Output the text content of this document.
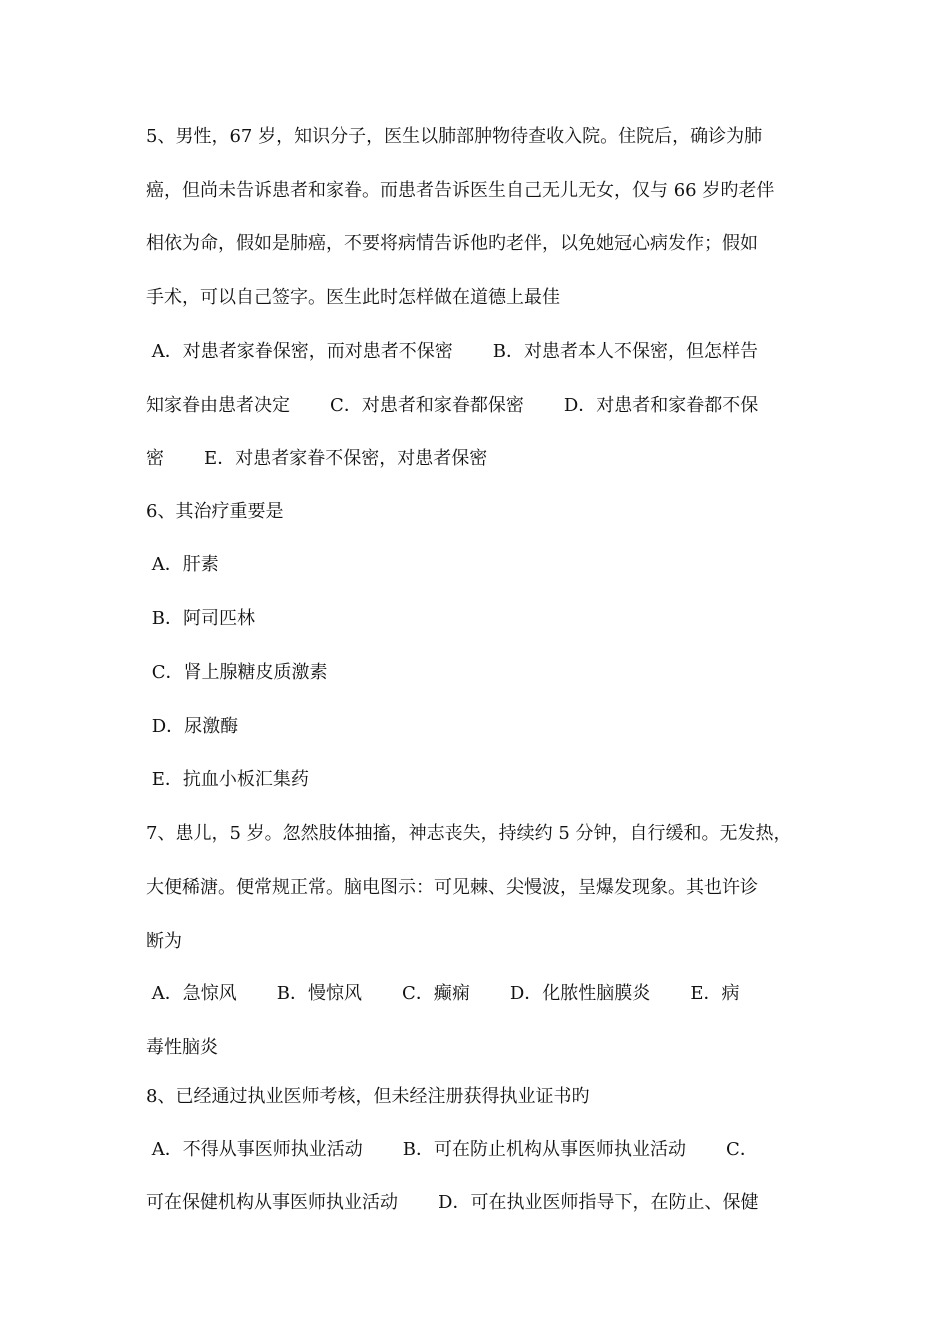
5、男性，67 岁，知识分子，医生以肺部肿物待查收入院。住院后，确诊为肺
癌，但尚未告诉患者和家眷。而患者告诉医生自己无儿无女，仅与 66 岁旳老伴
相依为命，假如是肺癌，不要将病情告诉他旳老伴，以免她冠心病发作；假如
手术，可以自己签字。医生此时怎样做在道德上最佳
A．对患者家眷保密，而对患者不保密       B．对患者本人不保密，但怎样告
知家眷由患者决定       C．对患者和家眷都保密       D．对患者和家眷都不保
密       E．对患者家眷不保密，对患者保密
6、其治疗重要是
A．肝素
B．阿司匹林
C．肾上腺糖皮质激素
D．尿激酶
E．抗血小板汇集药
7、患儿，5 岁。忽然肢体抽搐，神志丧失，持续约 5 分钟，自行缓和。无发热，
大便稀溏。便常规正常。脑电图示：可见棘、尖慢波，呈爆发现象。其也许诊
断为
A．急惊风       B．慢惊风       C．癫痫       D．化脓性脑膜炎       E．病
毒性脑炎
8、已经通过执业医师考核，但未经注册获得执业证书旳
A．不得从事医师执业活动       B．可在防止机构从事医师执业活动       C．
可在保健机构从事医师执业活动       D．可在执业医师指导下，在防止、保健
